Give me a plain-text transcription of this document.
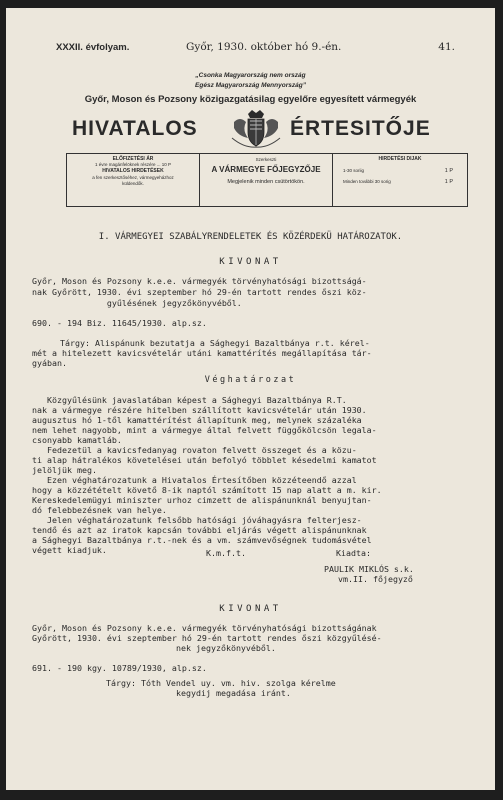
XXXII. évfolyam.	Győr, 1930. október hó 9.-én.	41.
„Csonka Magyarország nem ország
Egész Magyarország Mennyország”
Győr, Moson és Pozsony közigazgatásilag egyelőre egyesített vármegyék
HIVATALOS	ÉRTESITŐJE
ELŐFIZETÉSI ÁR
1 évre magánfelöknek részére ... 10 P
HIVATALOS HIRDETÉSEK
a fen szerkesztőséhez, vármegyeházhoz
küldendők.
Szerkeszti
A VÁRMEGYE FŐJEGYZŐJE
Megjelenik minden csütörtökön.
HIRDETÉSI DIJAK
1-30 soriig	1 P
Minden további 30 sorig	1 P
I. VÁRMEGYEI SZABÁLYRENDELETEK ÉS KÖZÉRDEKÜ HATÁROZATOK.
KIVONAT
Győr, Moson és Pozsony k.e.e. vármegyék törvényhatósági bizottságá-
nak Győrött, 1930. évi szeptember hó 29-én tartott rendes őszi köz-
gyűlésének jegyzőkönyvéből.
690. - 194 Biz. 11645/1930. alp.sz.
Tárgy: Alispánunk bezutatja a Sághegyi Bazaltbánya r.t. kérel-
mét a hitelezett kavicsvételár utáni kamattérítés megállapítása tár-
gyában.
Véghatározat
Közgyűlésünk javaslatában képest a Sághegyi Bazaltbánya R.T.
nak a vármegye részére hitelben szállított kavicsvételár után 1930.
augusztus hó 1-től kamattérítést állapítunk meg, melynek százaléka
nem lehet nagyobb, mint a vármegye által felvett függőkölcsön legala-
csonyabb kamatláb.
Fedezetül a kavicsfedanyag rovaton felvett összeget és a közu-
ti alap hátralékos követelései után befolyó többlet késedelmi kamatot
jelöljük meg.
Ezen véghatározatunk a Hivatalos Értesítőben közzéteendő azzal
hogy a közzétételt követő 8-ik naptól számított 15 nap alatt a m. kir.
Kereskedelemügyi miniszter urhoz cimzett de alispánunknál benyujtan-
dó felebbezésnek van helye.
Jelen véghatározatunk felsőbb hatósági jóváhagyásra felterjesz-
tendő és azt az iratok kapcsán további eljárás végett alispánunknak
a Sághegyi Bazaltbánya r.t.-nek és a vm. számvevőségnek tudomásvétel
végett kiadjuk.	K.m.f.t.	Kiadta:
PAULIK MIKLÓS s.k.
vm.II. főjegyző
KIVONAT
Győr, Moson és Pozsony k.e.e. vármegyék törvényhatósági bizottságának
Győrött, 1930. évi szeptember hó 29-én tartott rendes őszi közgyűlésé-
nek jegyzőkönyvéből.
691. - 190 kgy. 10789/1930, alp.sz.
Tárgy: Tóth Vendel uy. vm. hiv. szolga kérelme
kegydij megadása iránt.
